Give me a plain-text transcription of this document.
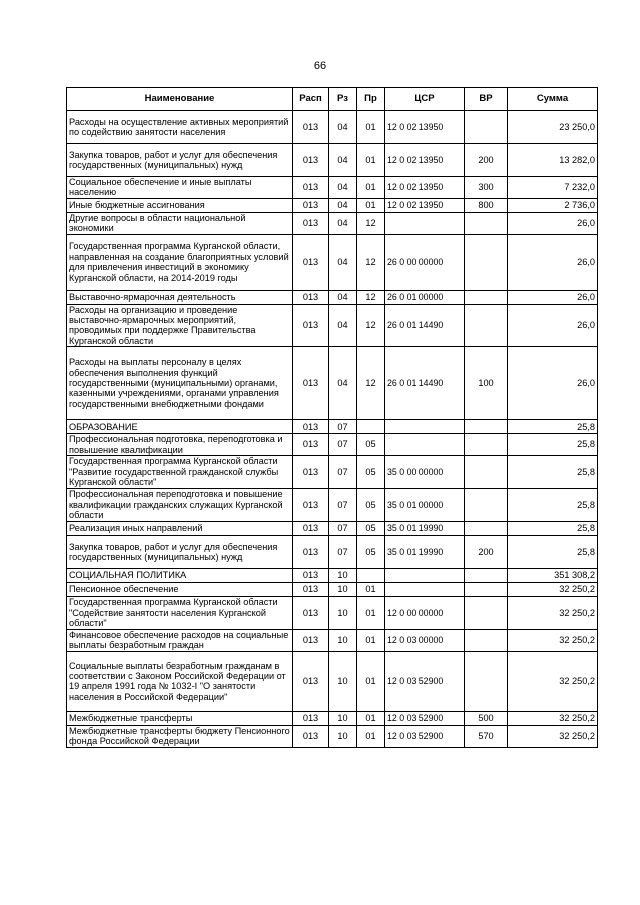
66
Наименование	Расп	Рз	Пр	ЦСР	ВР	Сумма
Расходы на осуществление активных мероприятий по содействию занятости населения	013	04	01	12 0 02 13950		23 250,0
Закупка товаров, работ и услуг для обеспечения государственных (муниципальных) нужд	013	04	01	12 0 02 13950	200	13 282,0
Социальное обеспечение и иные выплаты населению	013	04	01	12 0 02 13950	300	7 232,0
Иные бюджетные ассигнования	013	04	01	12 0 02 13950	800	2 736,0
Другие вопросы в области национальной экономики	013	04	12			26,0
Государственная программа Курганской области, направленная на создание благоприятных условий для привлечения инвестиций в экономику Курганской области, на 2014-2019 годы	013	04	12	26 0 00 00000		26,0
Выставочно-ярмарочная деятельность	013	04	12	26 0 01 00000		26,0
Расходы на организацию и проведение выставочно-ярмарочных мероприятий, проводимых при поддержке Правительства Курганской области	013	04	12	26 0 01 14490		26,0
Расходы на выплаты персоналу в целях обеспечения выполнения функций государственными (муниципальными) органами, казенными учреждениями, органами управления государственными внебюджетными фондами	013	04	12	26 0 01 14490	100	26,0
ОБРАЗОВАНИЕ	013	07				25,8
Профессиональная подготовка, переподготовка и повышение квалификации	013	07	05			25,8
Государственная программа Курганской области "Развитие государственной гражданской службы Курганской области"	013	07	05	35 0 00 00000		25,8
Профессиональная переподготовка и повышение квалификации гражданских служащих Курганской области	013	07	05	35 0 01 00000		25,8
Реализация иных направлений	013	07	05	35 0 01 19990		25,8
Закупка товаров, работ и услуг для обеспечения государственных (муниципальных) нужд	013	07	05	35 0 01 19990	200	25,8
СОЦИАЛЬНАЯ ПОЛИТИКА	013	10				351 308,2
Пенсионное обеспечение	013	10	01			32 250,2
Государственная программа Курганской области "Содействие занятости населения Курганской области"	013	10	01	12 0 00 00000		32 250,2
Финансовое обеспечение расходов на социальные выплаты безработным граждан	013	10	01	12 0 03 00000		32 250,2
Социальные выплаты безработным гражданам в соответствии с Законом Российской Федерации от 19 апреля 1991 года № 1032-I "О занятости населения в Российской Федерации"	013	10	01	12 0 03 52900		32 250,2
Межбюджетные трансферты	013	10	01	12 0 03 52900	500	32 250,2
Межбюджетные трансферты бюджету Пенсионного фонда Российской Федерации	013	10	01	12 0 03 52900	570	32 250,2
